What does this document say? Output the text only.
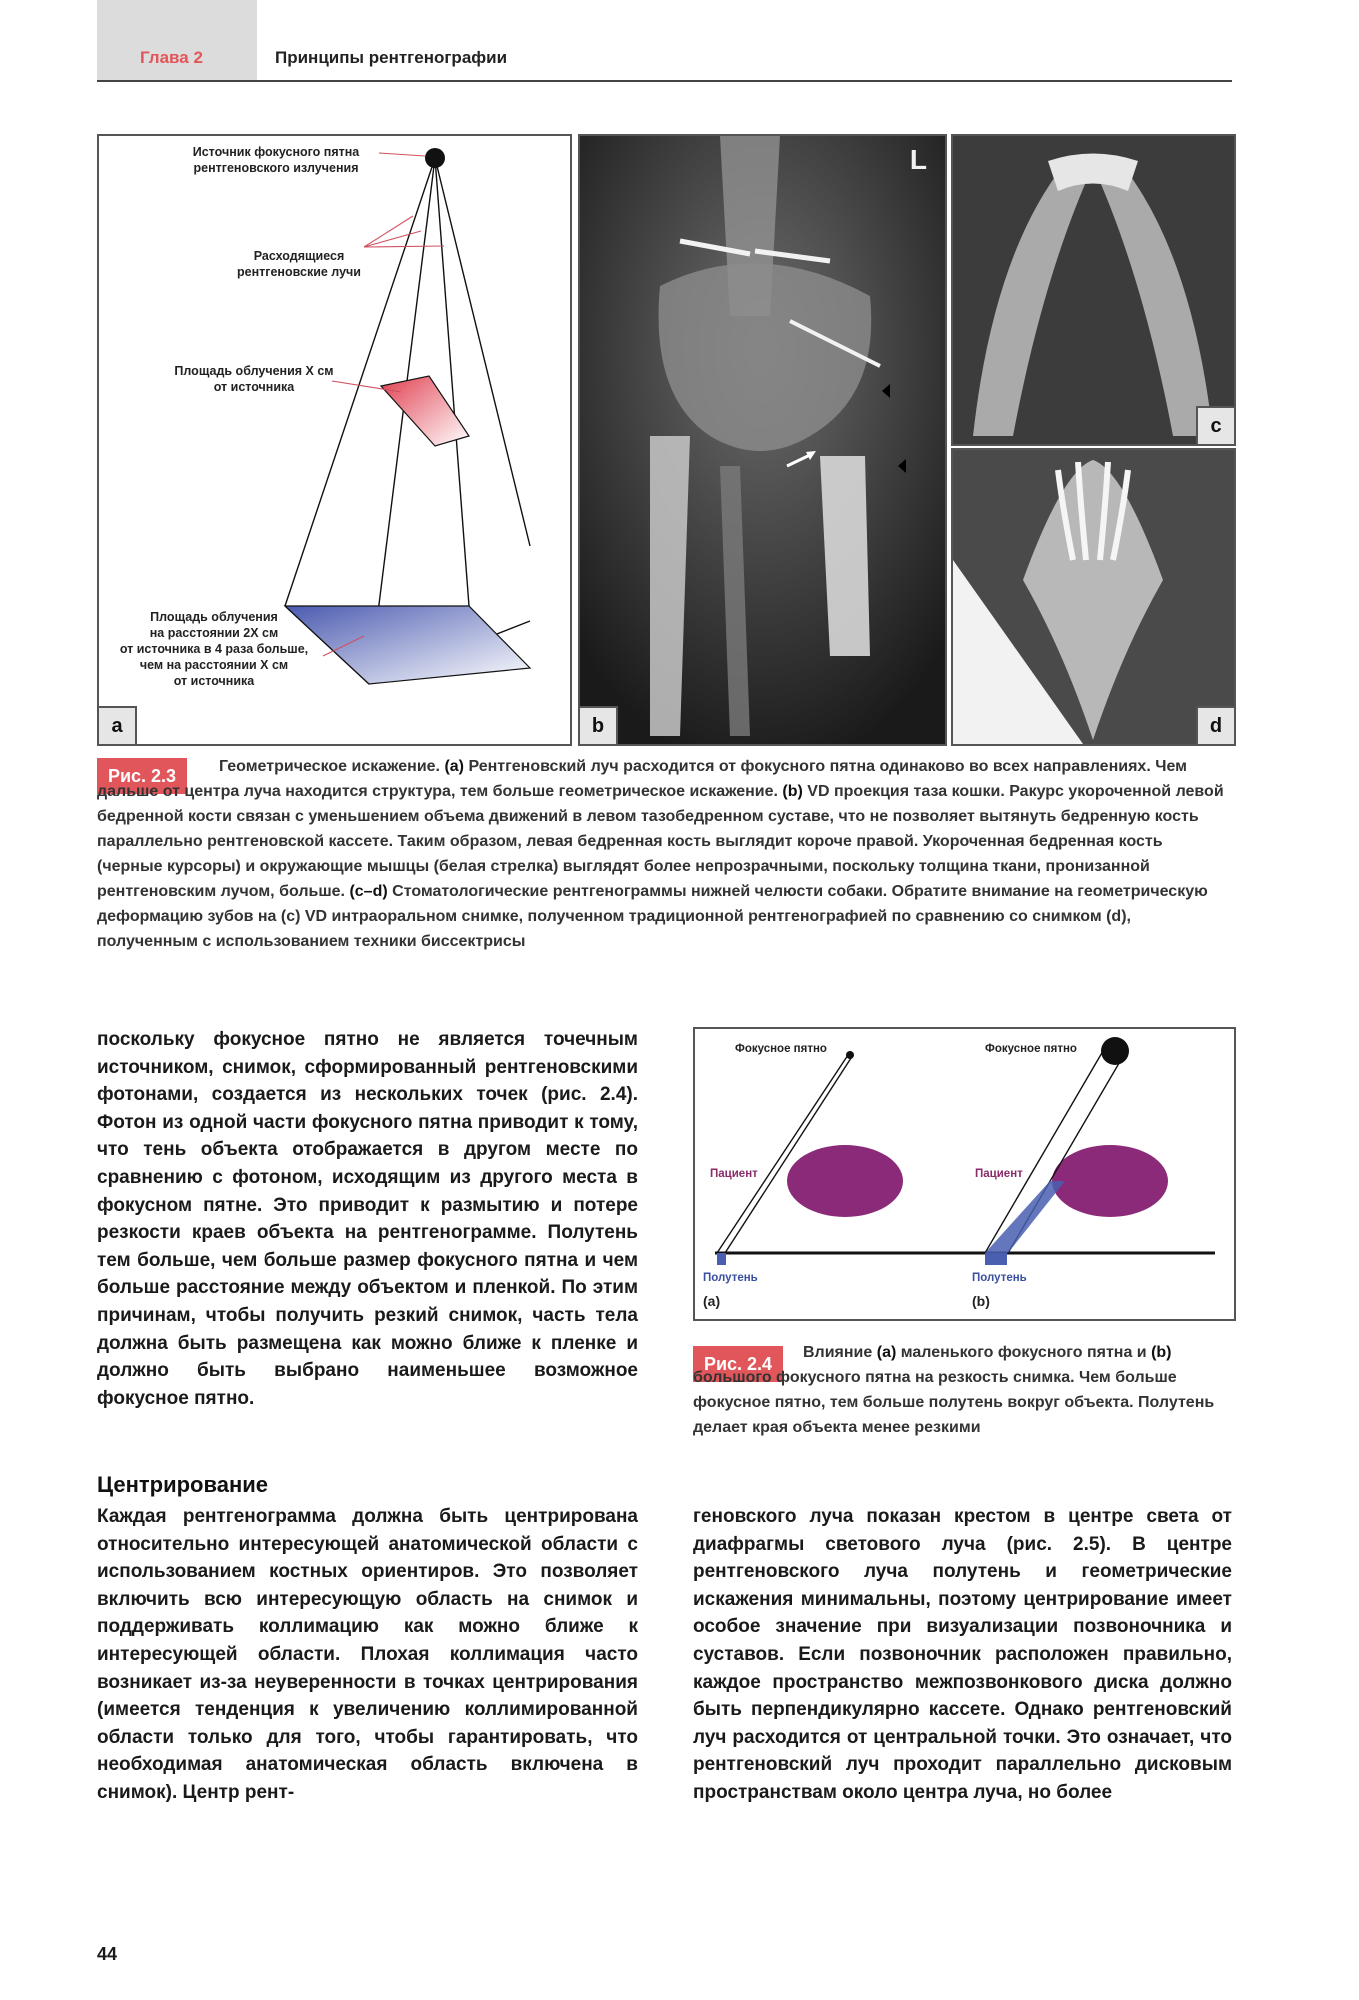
Глава 2	Принципы рентгенографии
Источник фокусного пятна
рентгеновского излучения
Расходящиеся
рентгеновские лучи
Площадь облучения X см
от источника
Площадь облучения
на расстоянии 2X см
от источника в 4 раза больше,
чем на расстоянии X см
от источника
a
L
b
c
d
Рис. 2.3	Геометрическое искажение. (a) Рентгеновский луч расходится от фокусного пятна одинаково во всех направлениях. Чем дальше от центра луча находится структура, тем больше геометрическое искажение. (b) VD проекция таза кошки. Ракурс укороченной левой бедренной кости связан с уменьшением объема движений в левом тазобедренном суставе, что не позволяет вытянуть бедренную кость параллельно рентгеновской кассете. Таким образом, левая бедренная кость выглядит короче правой. Укороченная бедренная кость (черные курсоры) и окружающие мышцы (белая стрелка) выглядят более непрозрачными, поскольку толщина ткани, пронизанной рентгеновским лучом, больше. (c–d) Стоматологические рентгенограммы нижней челюсти собаки. Обратите внимание на геометрическую деформацию зубов на (c) VD интраоральном снимке, полученном традиционной рентгенографией по сравнению со снимком (d), полученным с использованием техники биссектрисы
поскольку фокусное пятно не является точечным источником, снимок, сформированный рентгеновскими фотонами, создается из нескольких точек (рис. 2.4). Фотон из одной части фокусного пятна приводит к тому, что тень объекта отображается в другом месте по сравнению с фотоном, исходящим из другого места в фокусном пятне. Это приводит к размытию и потере резкости краев объекта на рентгенограмме. Полутень тем больше, чем больше размер фокусного пятна и чем больше расстояние между объектом и пленкой. По этим причинам, чтобы получить резкий снимок, часть тела должна быть размещена как можно ближе к пленке и должно быть выбрано наименьшее возможное фокусное пятно.
Центрирование
Каждая рентгенограмма должна быть центрирована относительно интересующей анатомической области с использованием костных ориентиров. Это позволяет включить всю интересующую область на снимок и поддерживать коллимацию как можно ближе к интересующей области. Плохая коллимация часто возникает из-за неуверенности в точках центрирования (имеется тенденция к увеличению коллимированной области только для того, чтобы гарантировать, что необходимая анатомическая область включена в снимок). Центр рент-
Фокусное пятно	Фокусное пятно
Пациент	Пациент
Полутень	Полутень
(a)	(b)
Рис. 2.4
Влияние (a) маленького фокусного пятна и (b) большого фокусного пятна на резкость снимка. Чем больше фокусное пятно, тем больше полутень вокруг объекта. Полутень делает края объекта менее резкими
геновского луча показан крестом в центре света от диафрагмы светового луча (рис. 2.5). В центре рентгеновского луча полутень и геометрические искажения минимальны, поэтому центрирование имеет особое значение при визуализации позвоночника и суставов. Если позвоночник расположен правильно, каждое пространство межпозвонкового диска должно быть перпендикулярно кассете. Однако рентгеновский луч расходится от центральной точки. Это означает, что рентгеновский луч проходит параллельно дисковым пространствам около центра луча, но более
44
